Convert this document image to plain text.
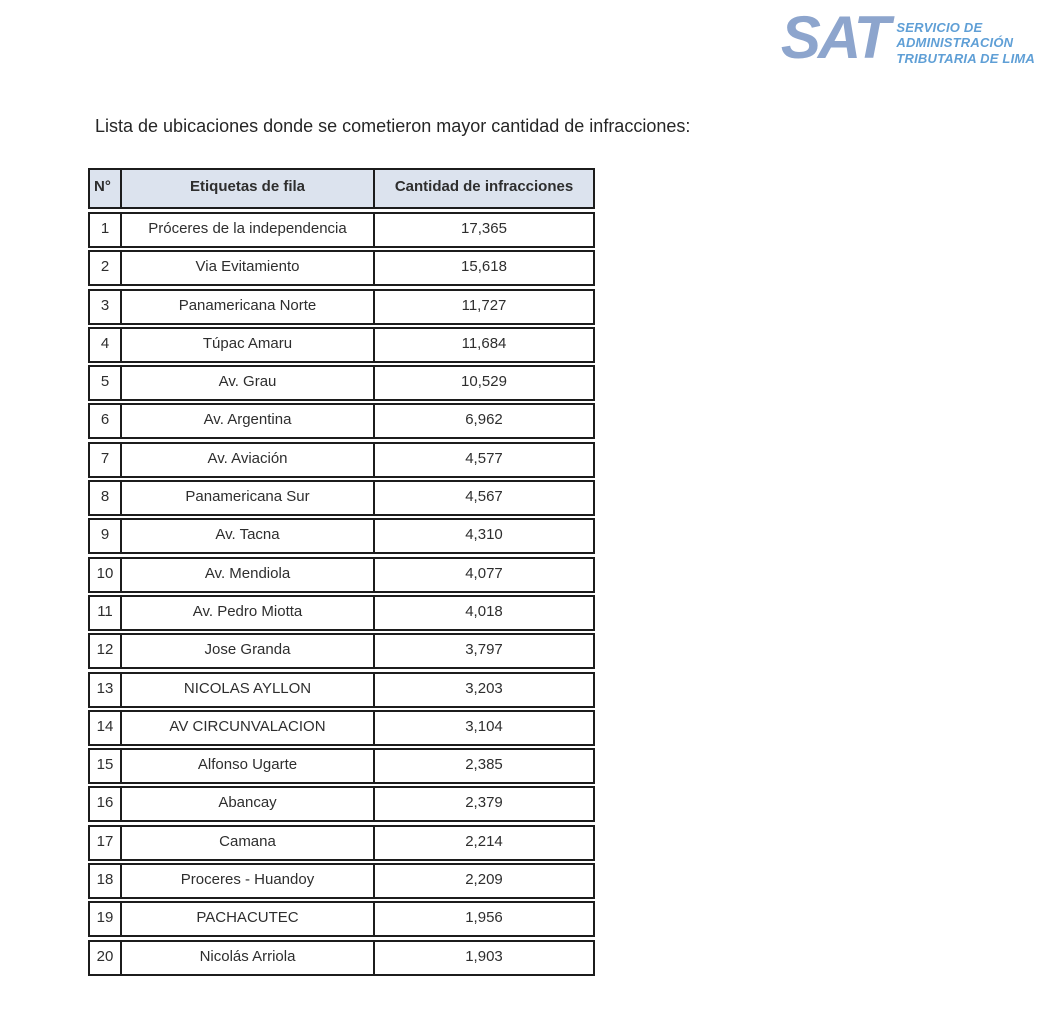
SAT SERVICIO DE
ADMINISTRACIÓN
TRIBUTARIA DE LIMA
Lista de ubicaciones donde se cometieron mayor cantidad de infracciones:
N°	Etiquetas de fila	Cantidad de infracciones
1	Próceres de la independencia	17,365
2	Via Evitamiento	15,618
3	Panamericana Norte	11,727
4	Túpac Amaru	11,684
5	Av. Grau	10,529
6	Av. Argentina	6,962
7	Av. Aviación	4,577
8	Panamericana Sur	4,567
9	Av. Tacna	4,310
10	Av. Mendiola	4,077
11	Av. Pedro Miotta	4,018
12	Jose Granda	3,797
13	NICOLAS AYLLON	3,203
14	AV CIRCUNVALACION	3,104
15	Alfonso Ugarte	2,385
16	Abancay	2,379
17	Camana	2,214
18	Proceres - Huandoy	2,209
19	PACHACUTEC	1,956
20	Nicolás Arriola	1,903
